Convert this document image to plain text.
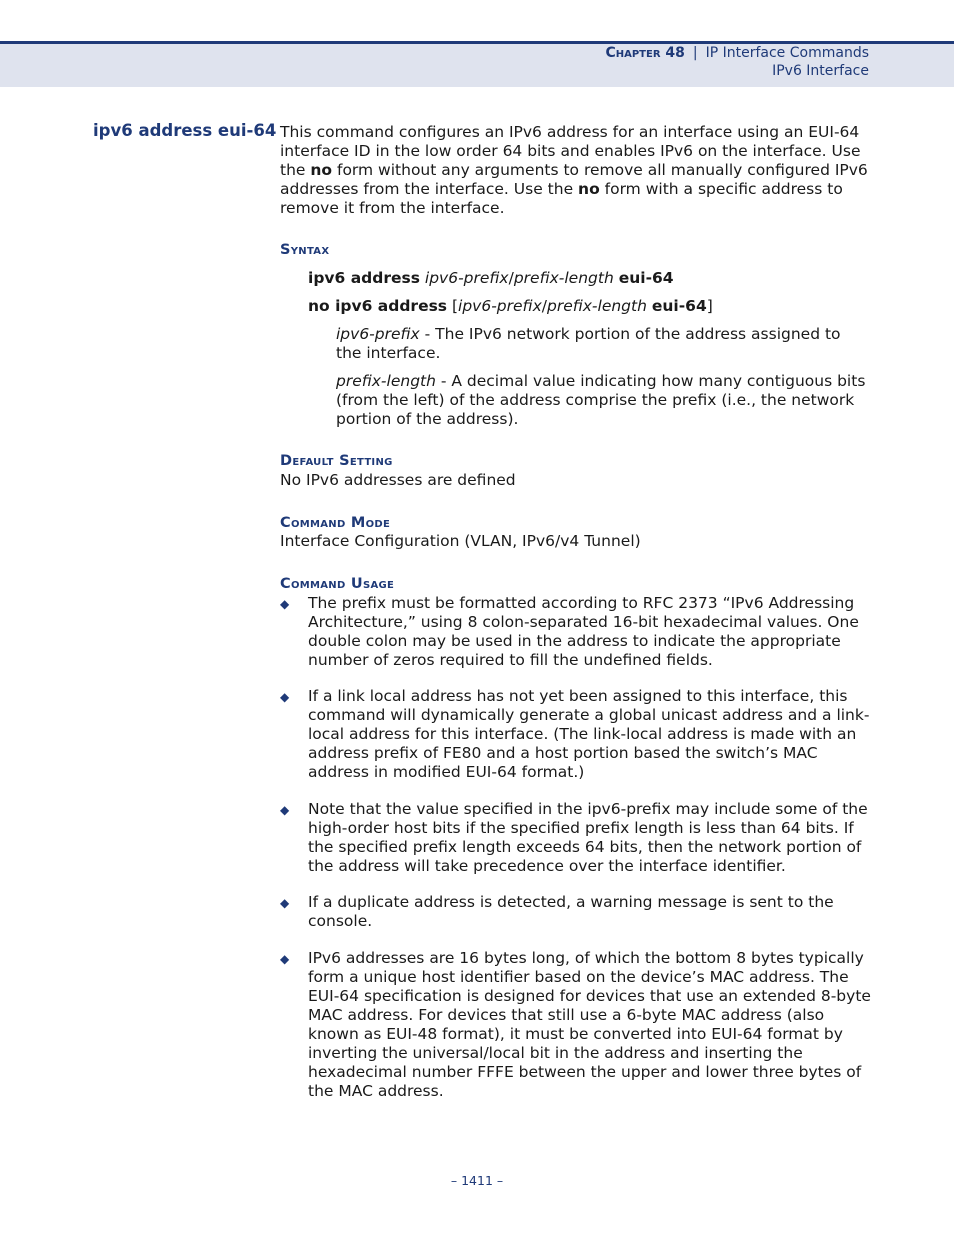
Chapter 48 | IP Interface Commands
IPv6 Interface
ipv6 address eui-64 This command configures an IPv6 address for an interface using an EUI-64 interface ID in the low order 64 bits and enables IPv6 on the interface. Use the no form without any arguments to remove all manually configured IPv6 addresses from the interface. Use the no form with a specific address to remove it from the interface.

Syntax
ipv6 address ipv6-prefix/prefix-length eui-64
no ipv6 address [ipv6-prefix/prefix-length eui-64]
ipv6-prefix - The IPv6 network portion of the address assigned to the interface.
prefix-length - A decimal value indicating how many contiguous bits (from the left) of the address comprise the prefix (i.e., the network portion of the address).
Default Setting
No IPv6 addresses are defined
Command Mode
Interface Configuration (VLAN, IPv6/v4 Tunnel)
Command Usage
◆ The prefix must be formatted according to RFC 2373 “IPv6 Addressing Architecture,” using 8 colon-separated 16-bit hexadecimal values. One double colon may be used in the address to indicate the appropriate number of zeros required to fill the undefined fields.
◆ If a link local address has not yet been assigned to this interface, this command will dynamically generate a global unicast address and a link-local address for this interface. (The link-local address is made with an address prefix of FE80 and a host portion based the switch’s MAC address in modified EUI-64 format.)
◆ Note that the value specified in the ipv6-prefix may include some of the high-order host bits if the specified prefix length is less than 64 bits. If the specified prefix length exceeds 64 bits, then the network portion of the address will take precedence over the interface identifier.
◆ If a duplicate address is detected, a warning message is sent to the console.
◆ IPv6 addresses are 16 bytes long, of which the bottom 8 bytes typically form a unique host identifier based on the device’s MAC address. The EUI-64 specification is designed for devices that use an extended 8-byte MAC address. For devices that still use a 6-byte MAC address (also known as EUI-48 format), it must be converted into EUI-64 format by inverting the universal/local bit in the address and inserting the hexadecimal number FFFE between the upper and lower three bytes of the MAC address.
– 1411 –
